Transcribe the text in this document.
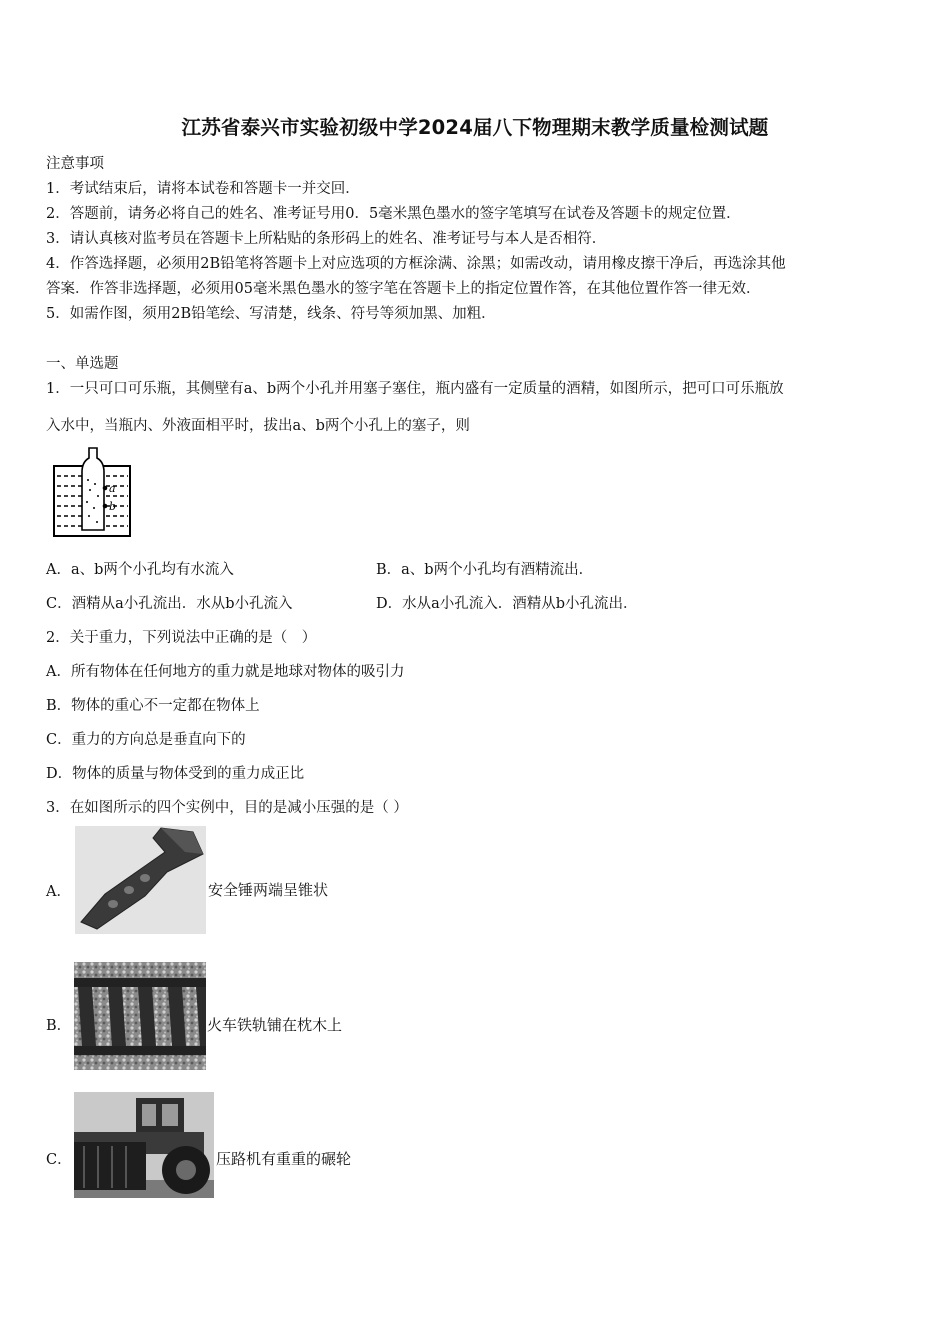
江苏省泰兴市实验初级中学2024届八下物理期末教学质量检测试题
注意事项
1．考试结束后，请将本试卷和答题卡一并交回．
2．答题前，请务必将自己的姓名、准考证号用0．5毫米黑色墨水的签字笔填写在试卷及答题卡的规定位置．
3．请认真核对监考员在答题卡上所粘贴的条形码上的姓名、准考证号与本人是否相符．
4．作答选择题，必须用2B铅笔将答题卡上对应选项的方框涂满、涂黑；如需改动，请用橡皮擦干净后，再选涂其他
答案．作答非选择题，必须用05毫米黑色墨水的签字笔在答题卡上的指定位置作答，在其他位置作答一律无效．
5．如需作图，须用2B铅笔绘、写清楚，线条、符号等须加黑、加粗．
一、单选题
1．一只可口可乐瓶，其侧壁有a、b两个小孔并用塞子塞住，瓶内盛有一定质量的酒精，如图所示，把可口可乐瓶放
入水中，当瓶内、外液面相平时，拔出a、b两个小孔上的塞子，则
a
b
A．a、b两个小孔均有水流入	B．a、b两个小孔均有酒精流出．
C．酒精从a小孔流出．水从b小孔流入	D．水从a小孔流入．酒精从b小孔流出．
2．关于重力，下列说法中正确的是（　）
A．所有物体在任何地方的重力就是地球对物体的吸引力
B．物体的重心不一定都在物体上
C．重力的方向总是垂直向下的
D．物体的质量与物体受到的重力成正比
3．在如图所示的四个实例中，目的是减小压强的是（ ）
A．	安全锤两端呈锥状
B．	火车铁轨铺在枕木上
C．	压路机有重重的碾轮
